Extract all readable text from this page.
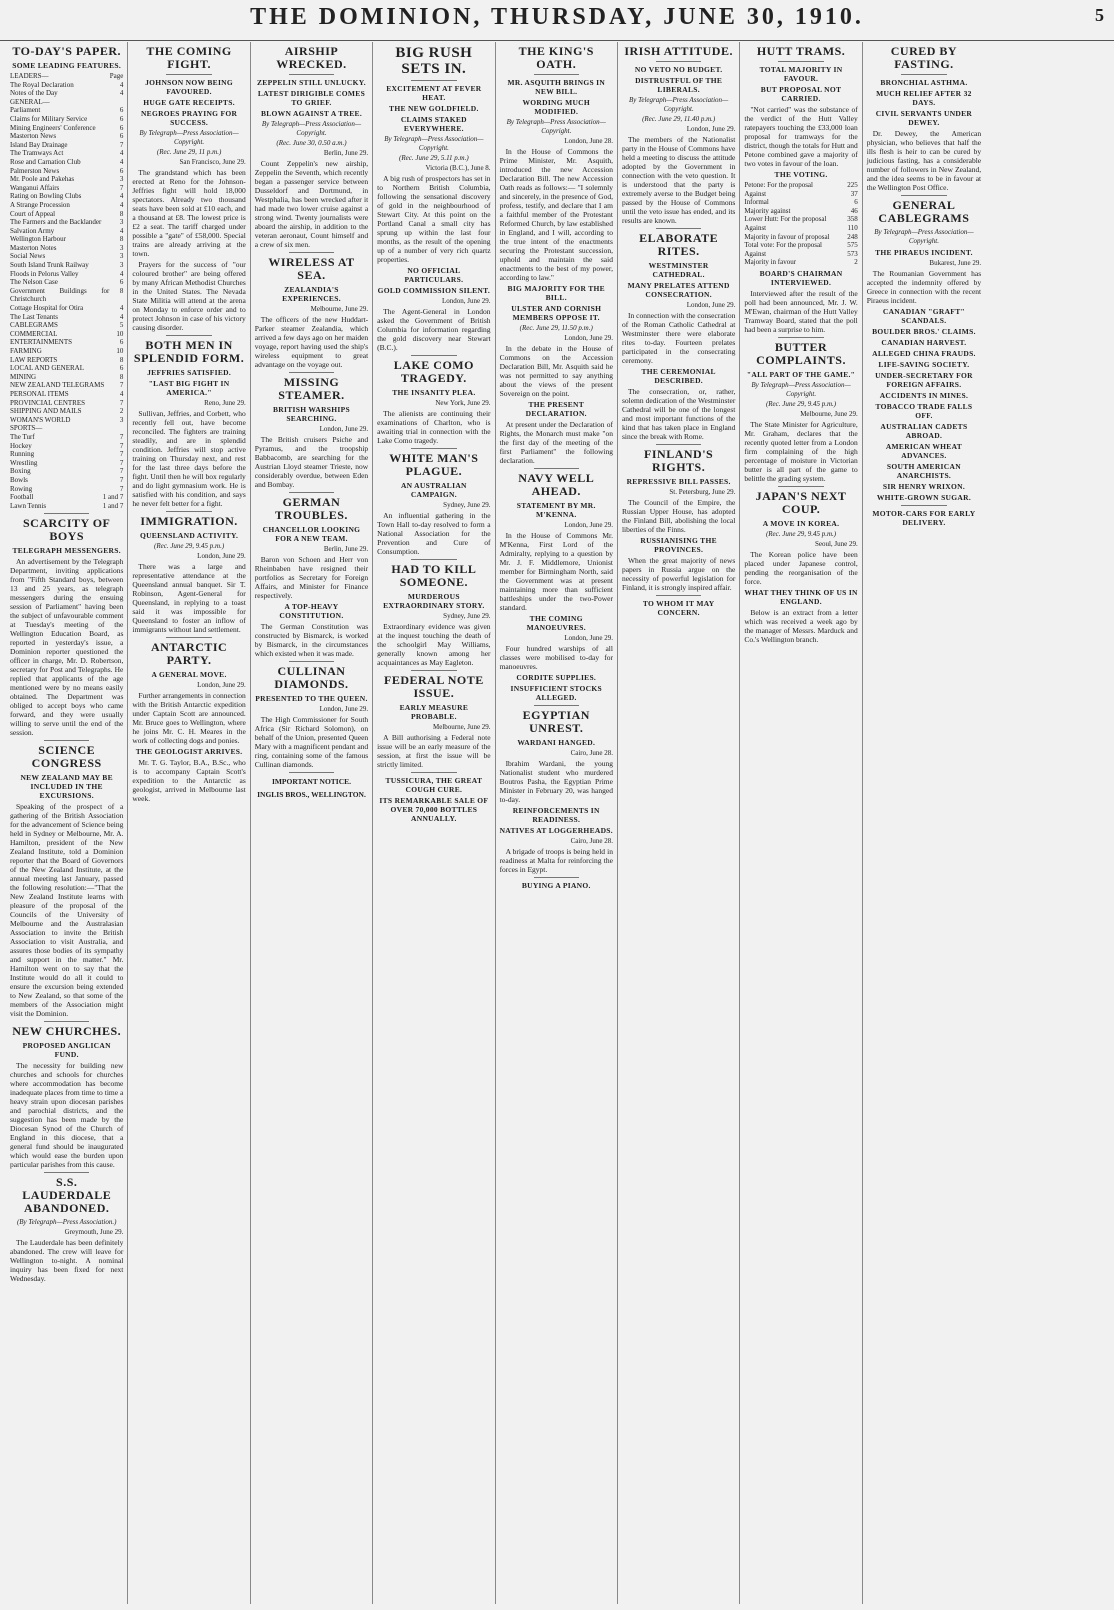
THE DOMINION, THURSDAY, JUNE 30, 1910.	5
TO-DAY'S PAPER.
SOME LEADING FEATURES.
LEADERS—	Page
The Royal Declaration	4
Notes of the Day	4
GENERAL—
Parliament	6
Claims for Military Service	6
Mining Engineers' Conference	6
Masterton News	6
Island Bay Drainage	7
The Tramways Act	4
Rose and Carnation Club	4
Palmerston News	6
Mr. Poole and Pakehas	3
Wanganui Affairs	7
Rating on Bowling Clubs	4
A Strange Procession	4
Court of Appeal	8
The Farmers and the Backlander	3
Salvation Army	4
Wellington Harbour	8
Masterton Notes	3
Social News	3
South Island Trunk Railway	3
Floods in Pelorus Valley	4
The Nelson Case	6
Government Buildings for Christchurch
8
Cottage Hospital for Otira	4
The Last Tenants	4
CABLEGRAMS	5
COMMERCIAL	10
ENTERTAINMENTS	6
FARMING	10
LAW REPORTS	8
LOCAL AND GENERAL	6
MINING	8
NEW ZEALAND TELEGRAMS	7
PERSONAL ITEMS	4
PROVINCIAL CENTRES	7
SHIPPING AND MAILS	2
WOMAN'S WORLD	3
SPORTS—
The Turf	7
Hockey	7
Running	7
Wrestling	7
Boxing	7
Bowls	7
Rowing	7
Football	1 and 7
Lawn Tennis	1 and 7
SCARCITY OF BOYS
TELEGRAPH MESSENGERS.

An advertisement by the Telegraph Department, inviting applications from "Fifth Standard boys, between 13 and 25 years, as telegraph messengers during the ensuing session of Parliament" having been the subject of unfavourable comment at Tuesday's meeting of the Wellington Education Board, as reported in yesterday's issue, a Dominion reporter questioned the officer in charge, Mr. D. Robertson, secretary for Post and Telegraphs. He replied that applicants of the age mentioned were by no means easily obtained. The Department was obliged to accept boys who came forward, and they were usually willing to serve until the end of the session.

SCIENCE CONGRESS
NEW ZEALAND MAY BE INCLUDED IN THE EXCURSIONS.

Speaking of the prospect of a gathering of the British Association for the advancement of Science being held in Sydney or Melbourne, Mr. A. Hamilton, president of the New Zealand Institute, told a Dominion reporter that the Board of Governors of the New Zealand Institute, at the annual meeting last January, passed the following resolution:—"That the New Zealand Institute learns with pleasure of the proposal of the Councils of the University of Melbourne and the Australasian Association to invite the British Association to visit Australia, and assures those bodies of its sympathy and support in the matter." Mr. Hamilton went on to say that the Institute would do all it could to ensure the excursion being extended to New Zealand, so that some of the members of the Association might visit the Dominion.

NEW CHURCHES.
PROPOSED ANGLICAN FUND.

The necessity for building new churches and schools for churches where accommodation has become inadequate places from time to time a heavy strain upon diocesan parishes and parochial districts, and the suggestion has been made by the Diocesan Synod of the Church of England in this diocese, that a general fund should be inaugurated which would ease the burden upon particular parishes from this cause.

S.S. LAUDERDALE ABANDONED.
(By Telegraph—Press Association.)
Greymouth, June 29.

The Lauderdale has been definitely abandoned. The crew will leave for Wellington to-night. A nominal inquiry has been fixed for next Wednesday.

THE COMING FIGHT.
JOHNSON NOW BEING FAVOURED.
HUGE GATE RECEIPTS.
NEGROES PRAYING FOR SUCCESS.
By Telegraph—Press Association—Copyright.
(Rec. June 29, 11 p.m.)
San Francisco, June 29.

The grandstand which has been erected at Reno for the Johnson-Jeffries fight will hold 18,000 spectators. Already two thousand seats have been sold at £10 each, and a thousand at £8. The lowest price is £2 a seat. The tariff charged under possible a "gate" of £58,000. Special trains are already arriving at the town.

Prayers for the success of "our coloured brother" are being offered by many African Methodist Churches in the United States. The Nevada State Militia will attend at the arena on Monday to enforce order and to protect Johnson in case of his victory causing disorder.

BOTH MEN IN SPLENDID FORM.
JEFFRIES SATISFIED.
"LAST BIG FIGHT IN AMERICA."
Reno, June 29.

Sullivan, Jeffries, and Corbett, who recently fell out, have become reconciled. The fighters are training steadily, and are in splendid condition. Jeffries will stop active training on Thursday next, and rest for the last three days before the fight. Until then he will box regularly and do light gymnasium work. He is satisfied with his condition, and says he never felt better for a fight.

IMMIGRATION.
QUEENSLAND ACTIVITY.
(Rec. June 29, 9.45 p.m.)
London, June 29.

There was a large and representative attendance at the Queensland annual banquet. Sir T. Robinson, Agent-General for Queensland, in replying to a toast said it was impossible for Queensland to foster an inflow of immigrants without land settlement.

ANTARCTIC PARTY.
A GENERAL MOVE.
London, June 29.

Further arrangements in connection with the British Antarctic expedition under Captain Scott are announced. Mr. Bruce goes to Wellington, where he joins Mr. C. H. Meares in the work of collecting dogs and ponies.

THE GEOLOGIST ARRIVES.

Mr. T. G. Taylor, B.A., B.Sc., who is to accompany Captain Scott's expedition to the Antarctic as geologist, arrived in Melbourne last week.

AIRSHIP WRECKED.
ZEPPELIN STILL UNLUCKY.
LATEST DIRIGIBLE COMES TO GRIEF.
BLOWN AGAINST A TREE.
By Telegraph—Press Association—Copyright.
(Rec. June 30, 0.50 a.m.)
Berlin, June 29.

Count Zeppelin's new airship, Zeppelin the Seventh, which recently began a passenger service between Dusseldorf and Dortmund, in Westphalia, has been wrecked after it had made two lower cruise against a strong wind. Twenty journalists were aboard the airship, in addition to the veteran aeronaut, Count himself and a crew of six men.

WIRELESS AT SEA.
ZEALANDIA'S EXPERIENCES.
Melbourne, June 29.

The officers of the new Huddart-Parker steamer Zealandia, which arrived a few days ago on her maiden voyage, report having used the ship's wireless equipment to great advantage on the voyage out.

MISSING STEAMER.
BRITISH WARSHIPS SEARCHING.
London, June 29.

The British cruisers Psiche and Pyramus, and the troopship Babbacomb, are searching for the Austrian Lloyd steamer Trieste, now considerably overdue, between Eden and Bombay.

GERMAN TROUBLES.
CHANCELLOR LOOKING FOR A NEW TEAM.
Berlin, June 29.

Baron von Schoen and Herr von Rheinbaben have resigned their portfolios as Secretary for Foreign Affairs, and Minister for Finance respectively.

A TOP-HEAVY CONSTITUTION.

The German Constitution was constructed by Bismarck, is worked by Bismarck, in the circumstances which existed when it was made.

CULLINAN DIAMONDS.
PRESENTED TO THE QUEEN.
London, June 29.

The High Commissioner for South Africa (Sir Richard Solomon), on behalf of the Union, presented Queen Mary with a magnificent pendant and ring, containing some of the famous Cullinan diamonds.

IMPORTANT NOTICE.
INGLIS BROS., WELLINGTON.
BIG RUSH SETS IN.
EXCITEMENT AT FEVER HEAT.
THE NEW GOLDFIELD.
CLAIMS STAKED EVERYWHERE.
By Telegraph—Press Association—Copyright.
(Rec. June 29, 5.11 p.m.)
Victoria (B.C.), June 8.

A big rush of prospectors has set in to Northern British Columbia, following the sensational discovery of gold in the neighbourhood of Stewart City. At this point on the Portland Canal a small city has sprung up within the last four months, as the result of the opening up of a number of very rich quartz properties.

NO OFFICIAL PARTICULARS.
GOLD COMMISSION SILENT.
London, June 29.

The Agent-General in London asked the Government of British Columbia for information regarding the gold discovery near Stewart (B.C.).

LAKE COMO TRAGEDY.
THE INSANITY PLEA.
New York, June 29.

The alienists are continuing their examinations of Charlton, who is awaiting trial in connection with the Lake Como tragedy.

WHITE MAN'S PLAGUE.
AN AUSTRALIAN CAMPAIGN.
Sydney, June 29.

An influential gathering in the Town Hall to-day resolved to form a National Association for the Prevention and Cure of Consumption.

HAD TO KILL SOMEONE.
MURDEROUS EXTRAORDINARY STORY.
Sydney, June 29.

Extraordinary evidence was given at the inquest touching the death of the schoolgirl May Williams, generally known among her acquaintances as May Eagleton.

FEDERAL NOTE ISSUE.
EARLY MEASURE PROBABLE.
Melbourne, June 29.

A Bill authorising a Federal note issue will be an early measure of the session, at first the issue will be strictly limited.

TUSSICURA, THE GREAT COUGH CURE.
ITS REMARKABLE SALE OF OVER 70,000 BOTTLES ANNUALLY.
THE KING'S OATH.
MR. ASQUITH BRINGS IN NEW BILL.
WORDING MUCH MODIFIED.
By Telegraph—Press Association—Copyright.
London, June 28.

In the House of Commons the Prime Minister, Mr. Asquith, introduced the new Accession Declaration Bill. The new Accession Oath reads as follows:— "I solemnly and sincerely, in the presence of God, profess, testify, and declare that I am a faithful member of the Protestant Reformed Church, by law established in England, and I will, according to the true intent of the enactments securing the Protestant succession, uphold and maintain the said enactments to the best of my power, according to law."

BIG MAJORITY FOR THE BILL.
ULSTER AND CORNISH MEMBERS OPPOSE IT.
(Rec. June 29, 11.50 p.m.)
London, June 29.

In the debate in the House of Commons on the Accession Declaration Bill, Mr. Asquith said he was not permitted to say anything about the views of the present Sovereign on the point.

THE PRESENT DECLARATION.

At present under the Declaration of Rights, the Monarch must make "on the first day of the meeting of the first Parliament" the following declaration.

NAVY WELL AHEAD.
STATEMENT BY MR. M'KENNA.
London, June 29.

In the House of Commons Mr. M'Kenna, First Lord of the Admiralty, replying to a question by Mr. J. F. Middlemore, Unionist member for Birmingham North, said the Government was at present maintaining more than sufficient battleships under the two-Power standard.

THE COMING MANOEUVRES.
London, June 29.

Four hundred warships of all classes were mobilised to-day for manoeuvres.

CORDITE SUPPLIES.
INSUFFICIENT STOCKS ALLEGED.
EGYPTIAN UNREST.
WARDANI HANGED.
Cairo, June 28.

Ibrahim Wardani, the young Nationalist student who murdered Boutros Pasha, the Egyptian Prime Minister in February 20, was hanged to-day.

REINFORCEMENTS IN READINESS.
NATIVES AT LOGGERHEADS.
Cairo, June 28.

A brigade of troops is being held in readiness at Malta for reinforcing the forces in Egypt.

BUYING A PIANO.
IRISH ATTITUDE.
NO VETO NO BUDGET.
DISTRUSTFUL OF THE LIBERALS.
By Telegraph—Press Association—Copyright.
(Rec. June 29, 11.40 p.m.)
London, June 29.

The members of the Nationalist party in the House of Commons have held a meeting to discuss the attitude adopted by the Government in connection with the veto question. It is understood that the party is extremely averse to the Budget being passed by the House of Commons until the veto issue has ended, and its results are known.

ELABORATE RITES.
WESTMINSTER CATHEDRAL.
MANY PRELATES ATTEND CONSECRATION.
London, June 29.

In connection with the consecration of the Roman Catholic Cathedral at Westminster there were elaborate rites to-day. Fourteen prelates participated in the consecrating ceremony.

THE CEREMONIAL DESCRIBED.

The consecration, or, rather, solemn dedication of the Westminster Cathedral will be one of the longest and most important functions of the kind that has taken place in England since the break with Rome.

FINLAND'S RIGHTS.
REPRESSIVE BILL PASSES.
St. Petersburg, June 29.

The Council of the Empire, the Russian Upper House, has adopted the Finland Bill, abolishing the local liberties of the Finns.

RUSSIANISING THE PROVINCES.

When the great majority of news papers in Russia argue on the necessity of powerful legislation for Finland, it is strongly inspired affair.

TO WHOM IT MAY CONCERN.
HUTT TRAMS.
TOTAL MAJORITY IN FAVOUR.
BUT PROPOSAL NOT CARRIED.

"Not carried" was the substance of the verdict of the Hutt Valley ratepayers touching the £33,000 loan proposal for tramways for the district, though the totals for Hutt and Petone combined gave a majority of two votes in favour of the loan.

THE VOTING.
Petone: For the proposal	225
Against	37
Informal	6
Majority against	46
Lower Hutt: For the proposal	358
Against	110
Majority in favour of proposal	248
Total vote: For the proposal	575
Against	573
Majority in favour	2
BOARD'S CHAIRMAN INTERVIEWED.

Interviewed after the result of the poll had been announced, Mr. J. W. M'Ewan, chairman of the Hutt Valley Tramway Board, stated that the poll had been a surprise to him.

BUTTER COMPLAINTS.
"ALL PART OF THE GAME."
By Telegraph—Press Association—Copyright.
(Rec. June 29, 9.45 p.m.)
Melbourne, June 29.

The State Minister for Agriculture, Mr. Graham, declares that the recently quoted letter from a London firm complaining of the high percentage of moisture in Victorian butter is all part of the game to belittle the grading system.

JAPAN'S NEXT COUP.
A MOVE IN KOREA.
(Rec. June 29, 9.45 p.m.)
Seoul, June 29.

The Korean police have been placed under Japanese control, pending the reorganisation of the force.

WHAT THEY THINK OF US IN ENGLAND.

Below is an extract from a letter which was received a week ago by the manager of Messrs. Marduck and Co.'s Wellington branch.

CURED BY FASTING.
BRONCHIAL ASTHMA.
MUCH RELIEF AFTER 32 DAYS.
CIVIL SERVANTS UNDER DEWEY.

Dr. Dewey, the American physician, who believes that half the ills flesh is heir to can be cured by judicious fasting, has a considerable number of followers in New Zealand, and the idea seems to be in favour at the Wellington Post Office.

GENERAL CABLEGRAMS
By Telegraph—Press Association—Copyright.
THE PIRAEUS INCIDENT.
Bukarest, June 29.

The Roumanian Government has accepted the indemnity offered by Greece in connection with the recent Piraeus incident.

CANADIAN "GRAFT" SCANDALS.
BOULDER BROS.' CLAIMS.
CANADIAN HARVEST.
ALLEGED CHINA FRAUDS.
LIFE-SAVING SOCIETY.
UNDER-SECRETARY FOR FOREIGN AFFAIRS.
ACCIDENTS IN MINES.
TOBACCO TRADE FALLS OFF.
AUSTRALIAN CADETS ABROAD.
AMERICAN WHEAT ADVANCES.
SOUTH AMERICAN ANARCHISTS.
SIR HENRY WRIXON.
WHITE-GROWN SUGAR.
MOTOR-CARS FOR EARLY DELIVERY.
